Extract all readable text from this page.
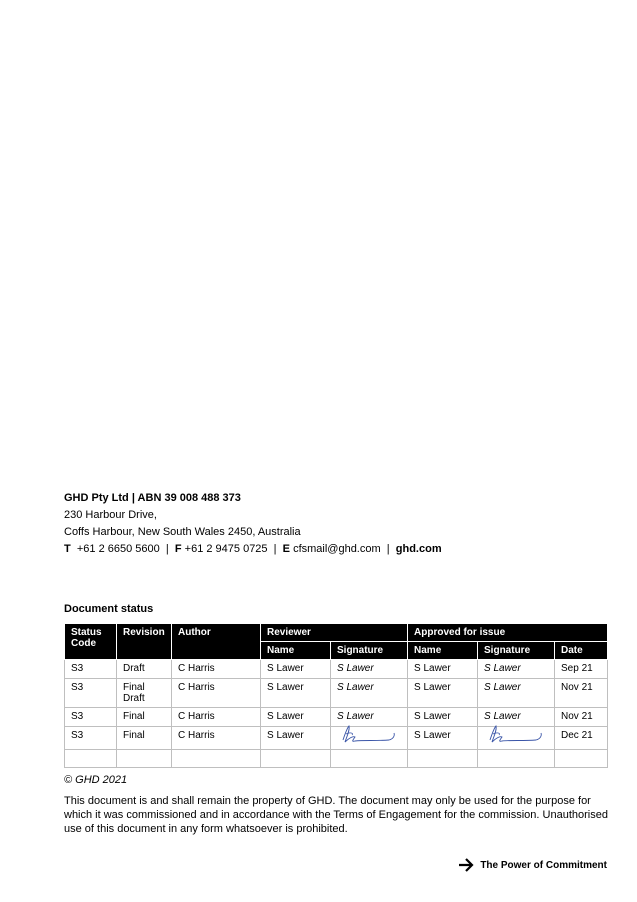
GHD Pty Ltd | ABN 39 008 488 373
230 Harbour Drive,
Coffs Harbour, New South Wales 2450, Australia
T +61 2 6650 5600 | F +61 2 9475 0725 | E cfsmail@ghd.com | ghd.com
Document status
Status Code	Revision	Author	Reviewer		Approved for issue		
			Name	Signature	Name	Signature	Date
S3	Draft	C Harris	S Lawer	S Lawer	S Lawer	S Lawer	Sep 21
S3	Final Draft	C Harris	S Lawer	S Lawer	S Lawer	S Lawer	Nov 21
S3	Final	C Harris	S Lawer	S Lawer	S Lawer	S Lawer	Nov 21
S3	Final	C Harris	S Lawer		S Lawer		Dec 21

© GHD 2021
This document is and shall remain the property of GHD. The document may only be used for the purpose for which it was commissioned and in accordance with the Terms of Engagement for the commission. Unauthorised use of this document in any form whatsoever is prohibited.
The Power of Commitment
